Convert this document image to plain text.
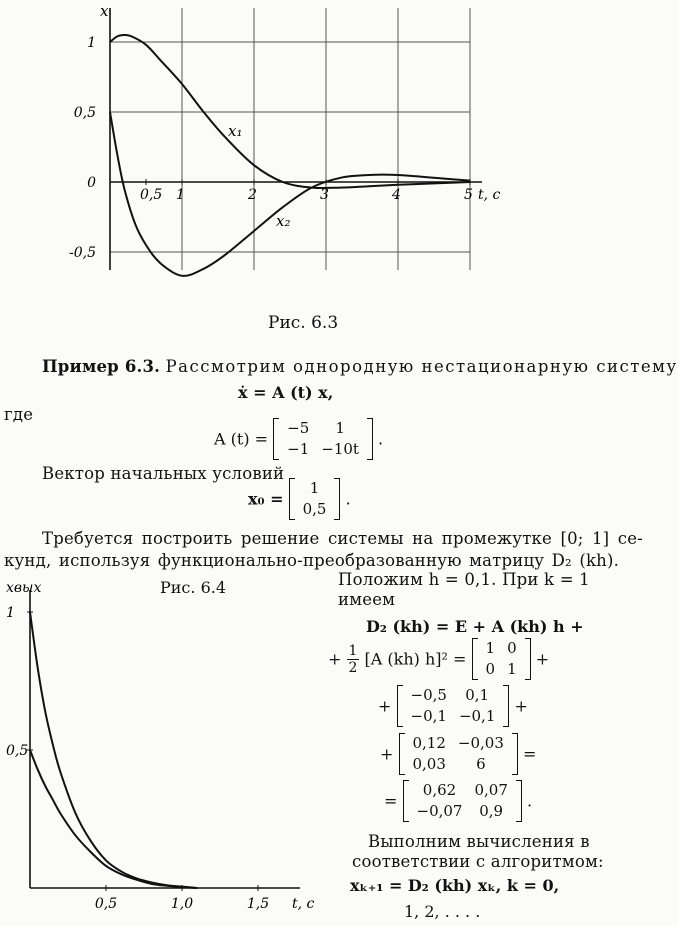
1
0,5
0
-0,5
0,5 1	2	3	4	5 t, с
x
x₁
x₂
Рис. 6.3
Пример 6.3. Рассмотрим однородную нестационарную систему
ẋ = A (t) x,
где
A (t) =
−5	1
−1	−10t
.
Вектор начальных условий
x₀ =
1
0,5
.
Требуется построить решение системы на промежутке [0; 1] се-
кунд, используя функционально-преобразованную матрицу D₂ (kh).
Рис. 6.4
1
0,5
0,5	1,0	1,5 t, с
xвых	Положим h = 0,1. При k = 1
имеем
D₂ (kh) = E + A (kh) h +
+ $\frac{1}{2} [A$ (kh) h]² =
1	0
0	1
+
+
−0,5	0,1
−0,1	−0,1
+
+
0,12	−0,03
0,03	6
=
=
0,62	0,07
−0,07	0,9
.
Выполним вычисления в
соответствии с алгоритмом:
xₖ₊₁ = D₂ (kh) xₖ, k = 0,
1, 2, . . . .
